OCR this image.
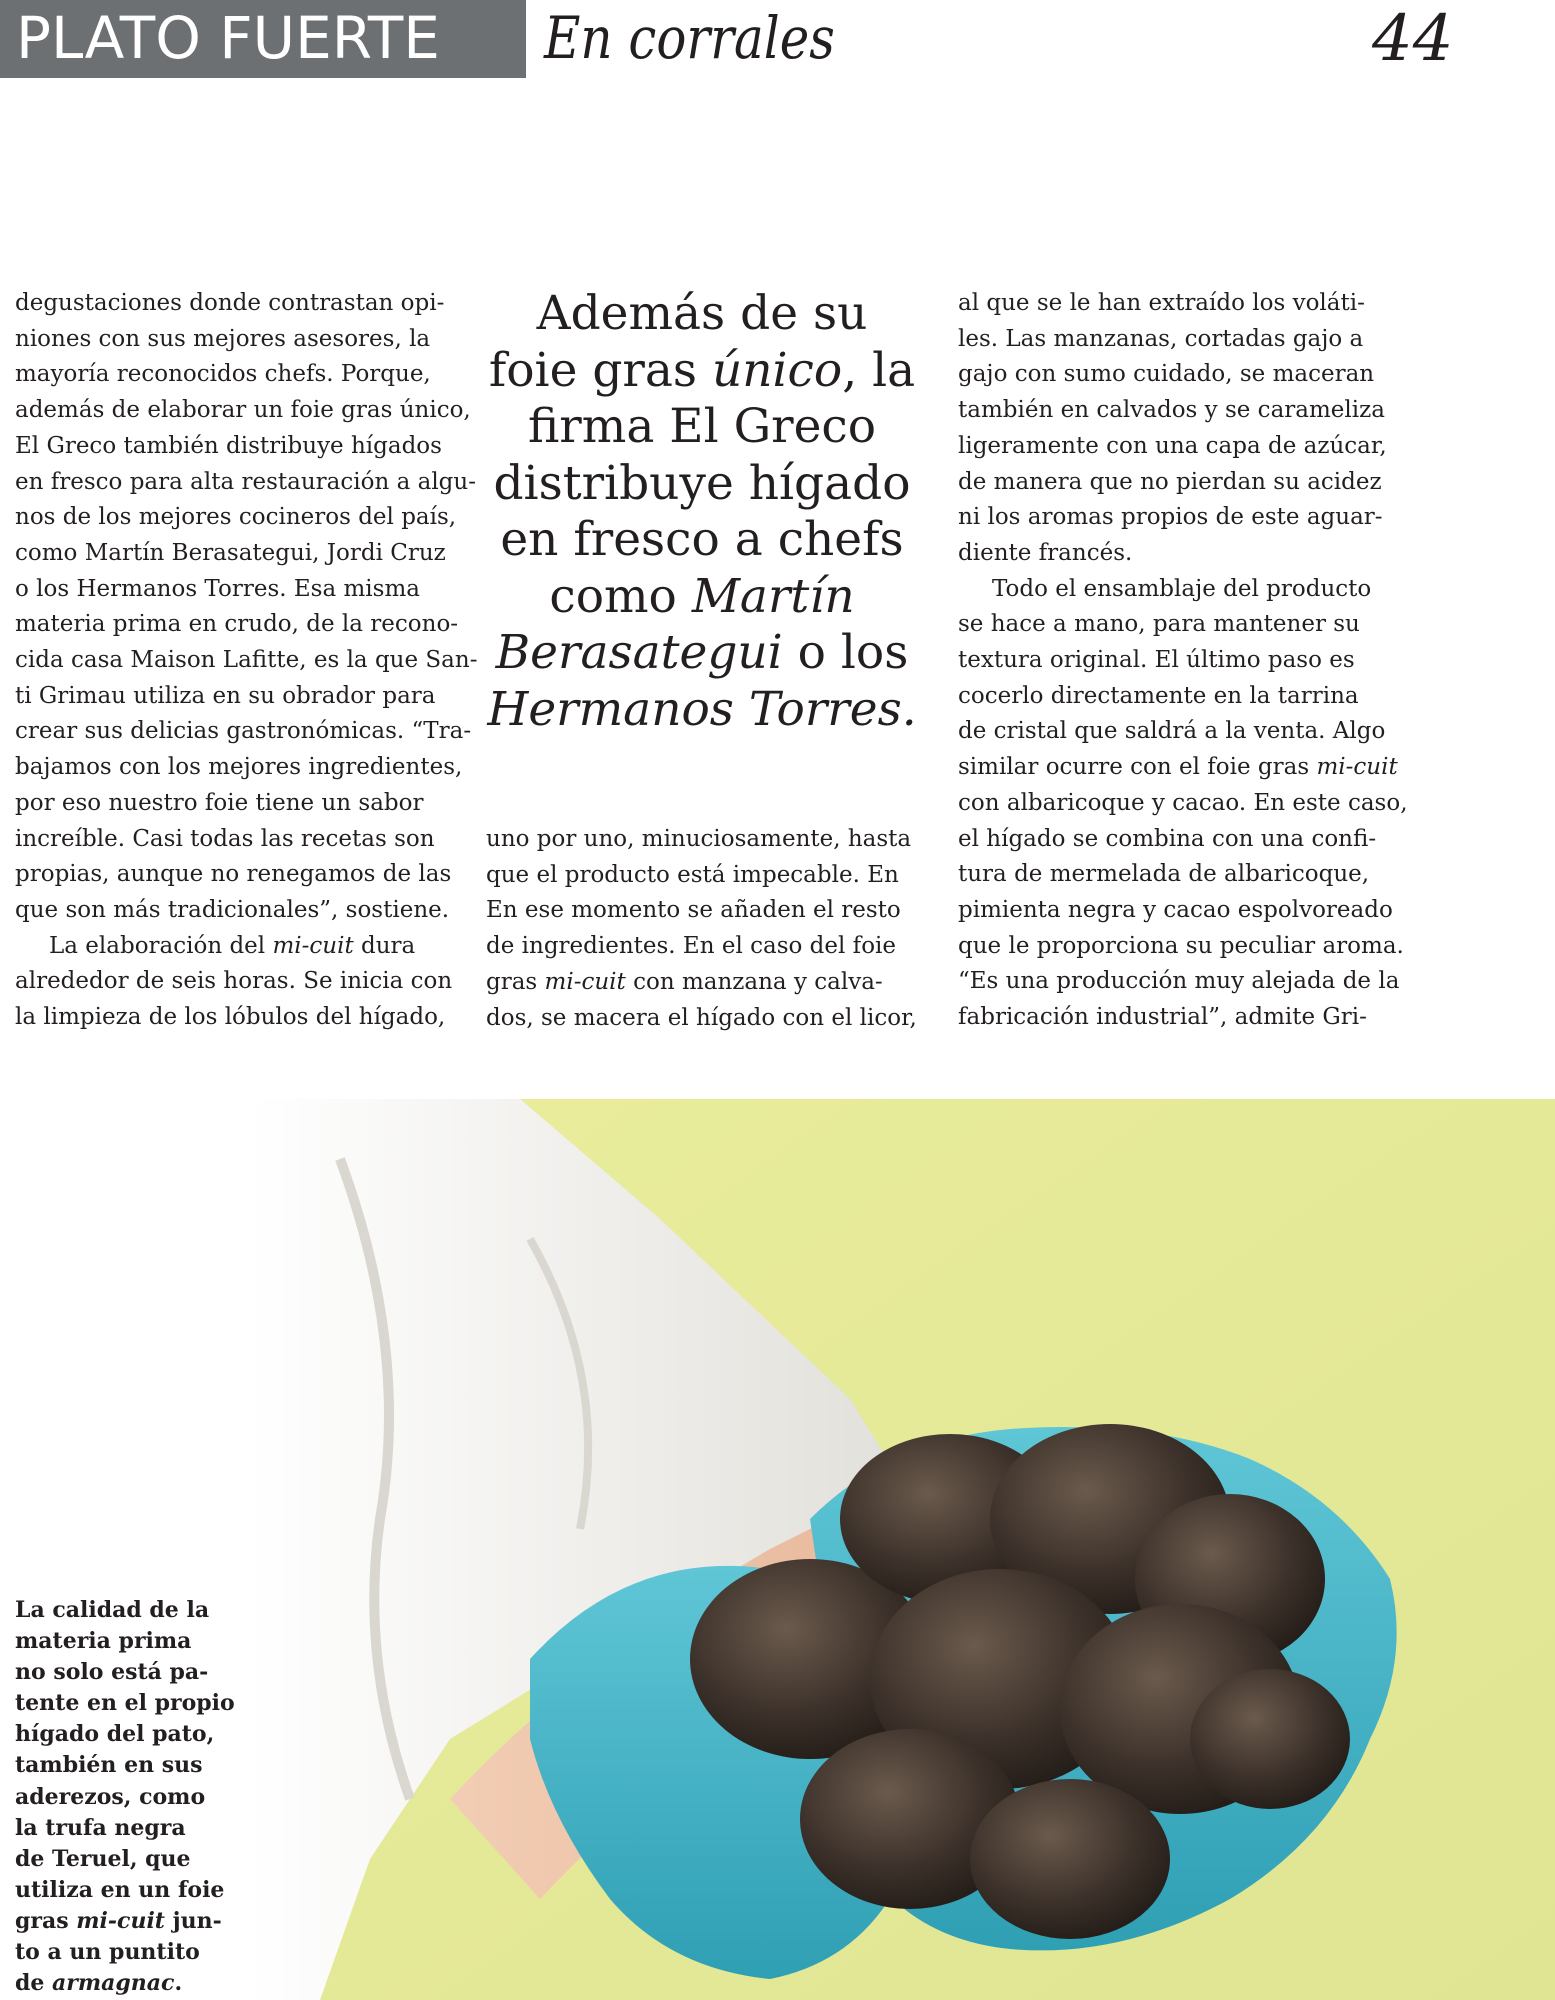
PLATO FUERTE En corrales	44

degustaciones donde contrastan opi-
niones con sus mejores asesores, la
mayoría reconocidos chefs. Porque,
además de elaborar un foie gras único,
El Greco también distribuye hígados
en fresco para alta restauración a algu-
nos de los mejores cocineros del país,
como Martín Berasategui, Jordi Cruz
o los Hermanos Torres. Esa misma
materia prima en crudo, de la recono-
cida casa Maison Lafitte, es la que San-
ti Grimau utiliza en su obrador para
crear sus delicias gastronómicas. “Tra-
bajamos con los mejores ingredientes,
por eso nuestro foie tiene un sabor
increíble. Casi todas las recetas son
propias, aunque no renegamos de las
que son más tradicionales”, sostiene.

La elaboración del mi-cuit dura
alrededor de seis horas. Se inicia con
la limpieza de los lóbulos del hígado,

Además de su
foie gras único, la
firma El Greco
distribuye hígado
en fresco a chefs
como Martín
Berasategui o los
Hermanos Torres.
uno por uno, minuciosamente, hasta
que el producto está impecable. En
En ese momento se añaden el resto
de ingredientes. En el caso del foie
gras mi-cuit con manzana y calva-
dos, se macera el hígado con el licor,

al que se le han extraído los voláti-
les. Las manzanas, cortadas gajo a
gajo con sumo cuidado, se maceran
también en calvados y se carameliza
ligeramente con una capa de azúcar,
de manera que no pierdan su acidez
ni los aromas propios de este aguar-
diente francés.

Todo el ensamblaje del producto
se hace a mano, para mantener su
textura original. El último paso es
cocerlo directamente en la tarrina
de cristal que saldrá a la venta. Algo
similar ocurre con el foie gras mi-cuit
con albaricoque y cacao. En este caso,
el hígado se combina con una confi-
tura de mermelada de albaricoque,
pimienta negra y cacao espolvoreado
que le proporciona su peculiar aroma.
“Es una producción muy alejada de la
fabricación industrial”, admite Gri-

La calidad de la
materia prima
no solo está pa-
tente en el propio
hígado del pato,
también en sus
aderezos, como
la trufa negra
de Teruel, que
utiliza en un foie
gras mi-cuit jun-
to a un puntito
de armagnac.
